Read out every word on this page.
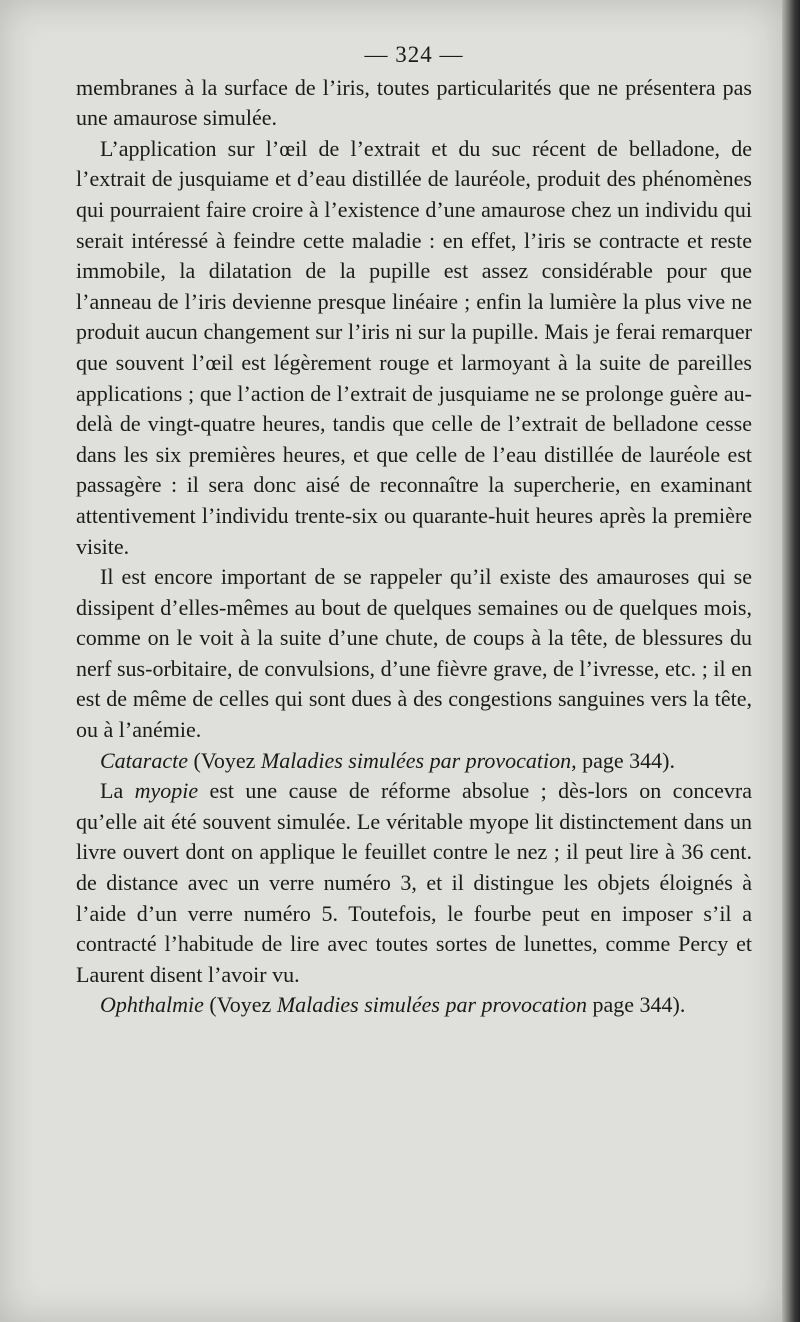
— 324 —

membranes à la surface de l’iris, toutes particularités que ne présentera pas une amaurose simulée.

L’application sur l’œil de l’extrait et du suc récent de belladone, de l’extrait de jusquiame et d’eau distillée de lauréole, produit des phénomènes qui pourraient faire croire à l’existence d’une amaurose chez un individu qui serait intéressé à feindre cette maladie : en effet, l’iris se contracte et reste immobile, la dilatation de la pupille est assez considérable pour que l’anneau de l’iris devienne presque linéaire ; enfin la lumière la plus vive ne produit aucun changement sur l’iris ni sur la pupille. Mais je ferai remarquer que souvent l’œil est légèrement rouge et larmoyant à la suite de pareilles applications ; que l’action de l’extrait de jusquiame ne se prolonge guère au-delà de vingt-quatre heures, tandis que celle de l’extrait de belladone cesse dans les six premières heures, et que celle de l’eau distillée de lauréole est passagère : il sera donc aisé de reconnaître la supercherie, en examinant attentivement l’individu trente-six ou quarante-huit heures après la première visite.

Il est encore important de se rappeler qu’il existe des amauroses qui se dissipent d’elles-mêmes au bout de quelques semaines ou de quelques mois, comme on le voit à la suite d’une chute, de coups à la tête, de blessures du nerf sus-orbitaire, de convulsions, d’une fièvre grave, de l’ivresse, etc. ; il en est de même de celles qui sont dues à des congestions sanguines vers la tête, ou à l’anémie.

Cataracte (Voyez Maladies simulées par provocation, page 344).

La myopie est une cause de réforme absolue ; dès-lors on concevra qu’elle ait été souvent simulée. Le véritable myope lit distinctement dans un livre ouvert dont on applique le feuillet contre le nez ; il peut lire à 36 cent. de distance avec un verre numéro 3, et il distingue les objets éloignés à l’aide d’un verre numéro 5. Toutefois, le fourbe peut en imposer s’il a contracté l’habitude de lire avec toutes sortes de lunettes, comme Percy et Laurent disent l’avoir vu.

Ophthalmie (Voyez Maladies simulées par provocation page 344).
